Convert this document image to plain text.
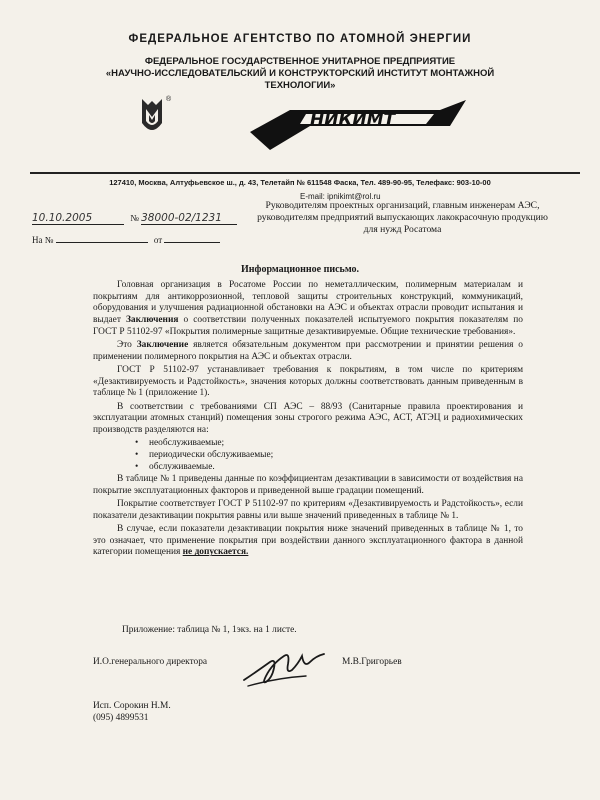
ФЕДЕРАЛЬНОЕ АГЕНТСТВО ПО АТОМНОЙ ЭНЕРГИИ
ФЕДЕРАЛЬНОЕ ГОСУДАРСТВЕННОЕ УНИТАРНОЕ ПРЕДПРИЯТИЕ
«НАУЧНО-ИССЛЕДОВАТЕЛЬСКИЙ И КОНСТРУКТОРСКИЙ ИНСТИТУТ МОНТАЖНОЙ ТЕХНОЛОГИИ»
®
НИКИМТ
127410, Москва, Алтуфьевское ш., д. 43, Телетайп № 611548 Фаска, Тел. 489-90-95, Телефакс: 903-10-00
E-mail: ipnikimt@rol.ru
10.10.2005	№ 38000-02/1231
На №	от
Руководителям проектных организаций, главным инженерам АЭС, руководителям предприятий выпускающих лакокрасочную продукцию для нужд Росатома
Информационное письмо.

Головная организация в Росатоме России по неметаллическим, полимерным материалам и покрытиям для антикоррозионной, тепловой защиты строительных конструкций, коммуникаций, оборудования и улучшения радиационной обстановки на АЭС и объектах отрасли проводит испытания и выдает Заключения о соответствии полученных показателей испытуемого покрытия показателям по ГОСТ Р 51102-97 «Покрытия полимерные защитные дезактивируемые. Общие технические требования».

Это Заключение является обязательным документом при рассмотрении и принятии решения о применении полимерного покрытия на АЭС и объектах отрасли.

ГОСТ Р 51102-97 устанавливает требования к покрытиям, в том числе по критериям «Дезактивируемость и Радстойкость», значения которых должны соответствовать данным приведенным в таблице № 1 (приложение 1).

В соответствии с требованиями СП АЭС – 88/93 (Санитарные правила проектирования и эксплуатации атомных станций) помещения зоны строгого режима АЭС, АСТ, АТЭЦ и радиохимических производств разделяются на:

• необслуживаемые;
• периодически обслуживаемые;
• обслуживаемые.

В таблице № 1 приведены данные по коэффициентам дезактивации в зависимости от воздействия на покрытие эксплуатационных факторов и приведенной выше градации помещений.

Покрытие соответствует ГОСТ Р 51102-97 по критериям «Дезактивируемость и Радстойкость», если показатели дезактивации покрытия равны или выше значений приведенных в таблице № 1.

В случае, если показатели дезактивации покрытия ниже значений приведенных в таблице № 1, то это означает, что применение покрытия при воздействии данного эксплуатационного фактора в данной категории помещения не допускается.

Приложение: таблица № 1, 1экз. на 1 листе.
И.О.генерального директора	М.В.Григорьев
Исп. Сорокин Н.М.
(095) 4899531
